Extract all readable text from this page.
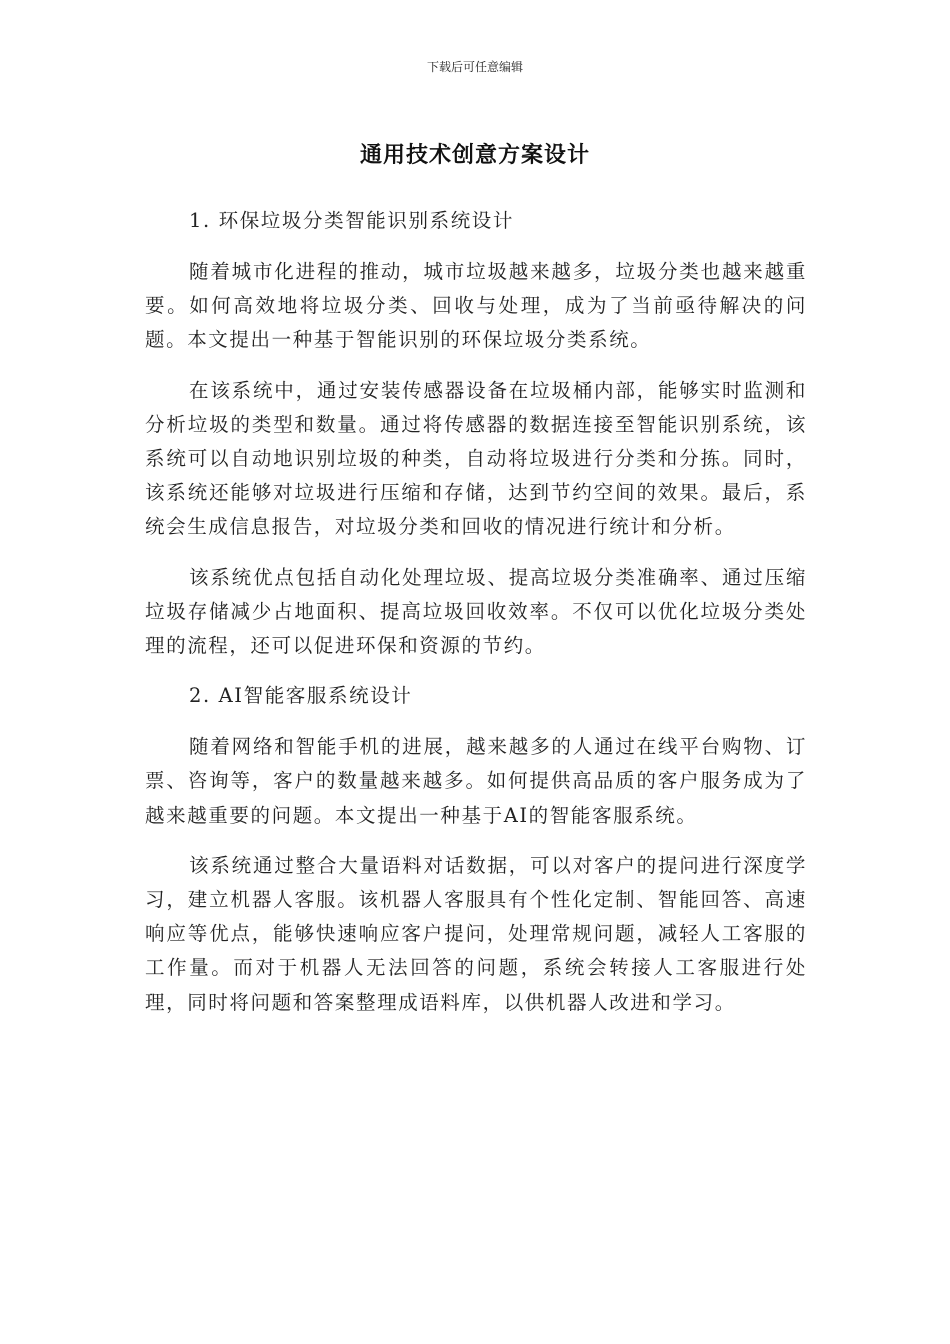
下载后可任意编辑
通用技术创意方案设计
1. 环保垃圾分类智能识别系统设计

随着城市化进程的推动，城市垃圾越来越多，垃圾分类也越来越重要。如何高效地将垃圾分类、回收与处理，成为了当前亟待解决的问题。本文提出一种基于智能识别的环保垃圾分类系统。

在该系统中，通过安装传感器设备在垃圾桶内部，能够实时监测和分析垃圾的类型和数量。通过将传感器的数据连接至智能识别系统，该系统可以自动地识别垃圾的种类，自动将垃圾进行分类和分拣。同时，该系统还能够对垃圾进行压缩和存储，达到节约空间的效果。最后，系统会生成信息报告，对垃圾分类和回收的情况进行统计和分析。

该系统优点包括自动化处理垃圾、提高垃圾分类准确率、通过压缩垃圾存储减少占地面积、提高垃圾回收效率。不仅可以优化垃圾分类处理的流程，还可以促进环保和资源的节约。

2. AI智能客服系统设计

随着网络和智能手机的进展，越来越多的人通过在线平台购物、订票、咨询等，客户的数量越来越多。如何提供高品质的客户服务成为了越来越重要的问题。本文提出一种基于AI的智能客服系统。

该系统通过整合大量语料对话数据，可以对客户的提问进行深度学习，建立机器人客服。该机器人客服具有个性化定制、智能回答、高速响应等优点，能够快速响应客户提问，处理常规问题，减轻人工客服的工作量。而对于机器人无法回答的问题，系统会转接人工客服进行处理，同时将问题和答案整理成语料库，以供机器人改进和学习。
